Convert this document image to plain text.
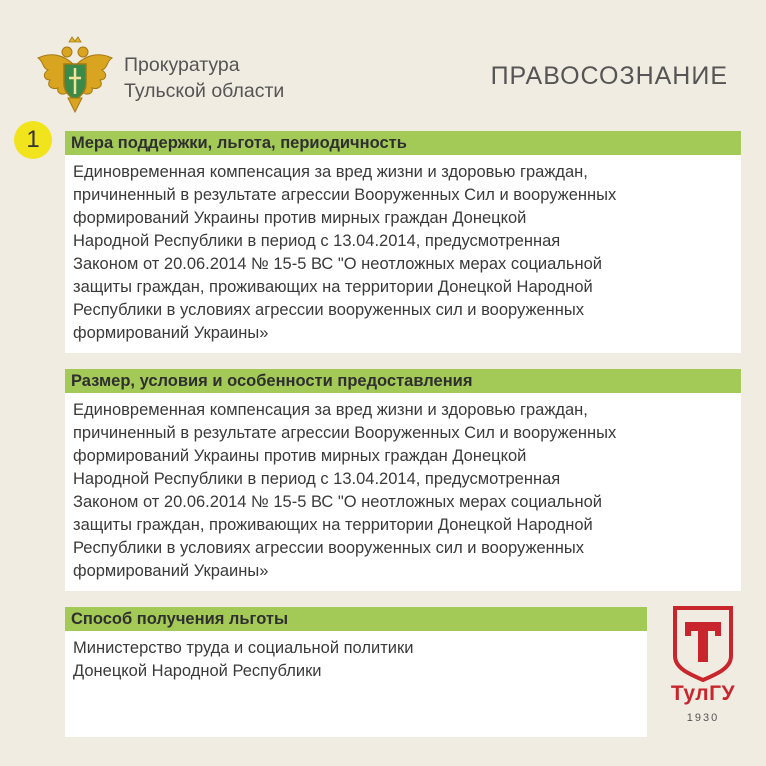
Прокуратура
Тульской области
ПРАВОСОЗНАНИЕ
1	Мера поддержки, льгота, периодичность
Единовременная компенсация за вред жизни и здоровью граждан,
причиненный в результате агрессии Вооруженных Сил и вооруженных
формирований Украины против мирных граждан Донецкой
Народной Республики в период с 13.04.2014, предусмотренная
Законом от 20.06.2014 № 15-5 ВС "О неотложных мерах социальной
защиты граждан, проживающих на территории Донецкой Народной
Республики в условиях агрессии вооруженных сил и вооруженных
формирований Украины»
Размер, условия и особенности предоставления
Единовременная компенсация за вред жизни и здоровью граждан,
причиненный в результате агрессии Вооруженных Сил и вооруженных
формирований Украины против мирных граждан Донецкой
Народной Республики в период с 13.04.2014, предусмотренная
Законом от 20.06.2014 № 15-5 ВС "О неотложных мерах социальной
защиты граждан, проживающих на территории Донецкой Народной
Республики в условиях агрессии вооруженных сил и вооруженных
формирований Украины»
Способ получения льготы
Министерство труда и социальной политики
Донецкой Народной Республики
ТулГУ
1930
